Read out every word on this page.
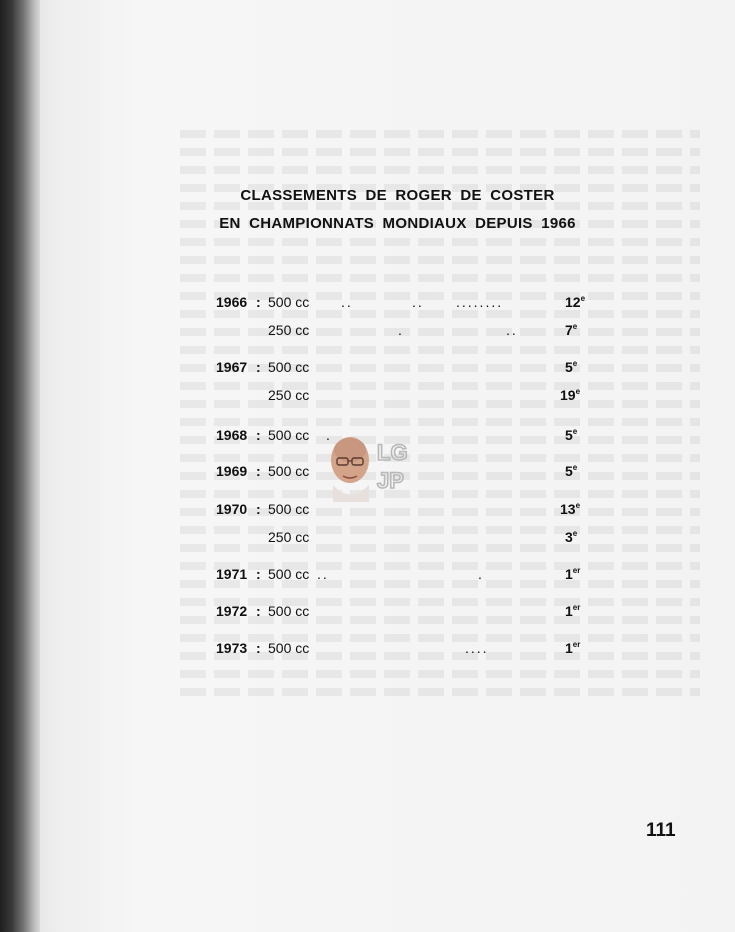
CLASSEMENTS DE ROGER DE COSTER
EN CHAMPIONNATS MONDIAUX DEPUIS 1966
1966 : 500 cc ..	.. ........	12e
250 cc	.	..	7e
1967 : 500 cc	5e
250 cc	19e
1968 : 500 cc .	5e
1969 : 500 cc	5e
1970 : 500 cc	13e
250 cc	3e
1971 : 500 cc ..	.	1er
1972 : 500 cc	1er
1973 : 500 cc	....	1er
LG
JP
111
